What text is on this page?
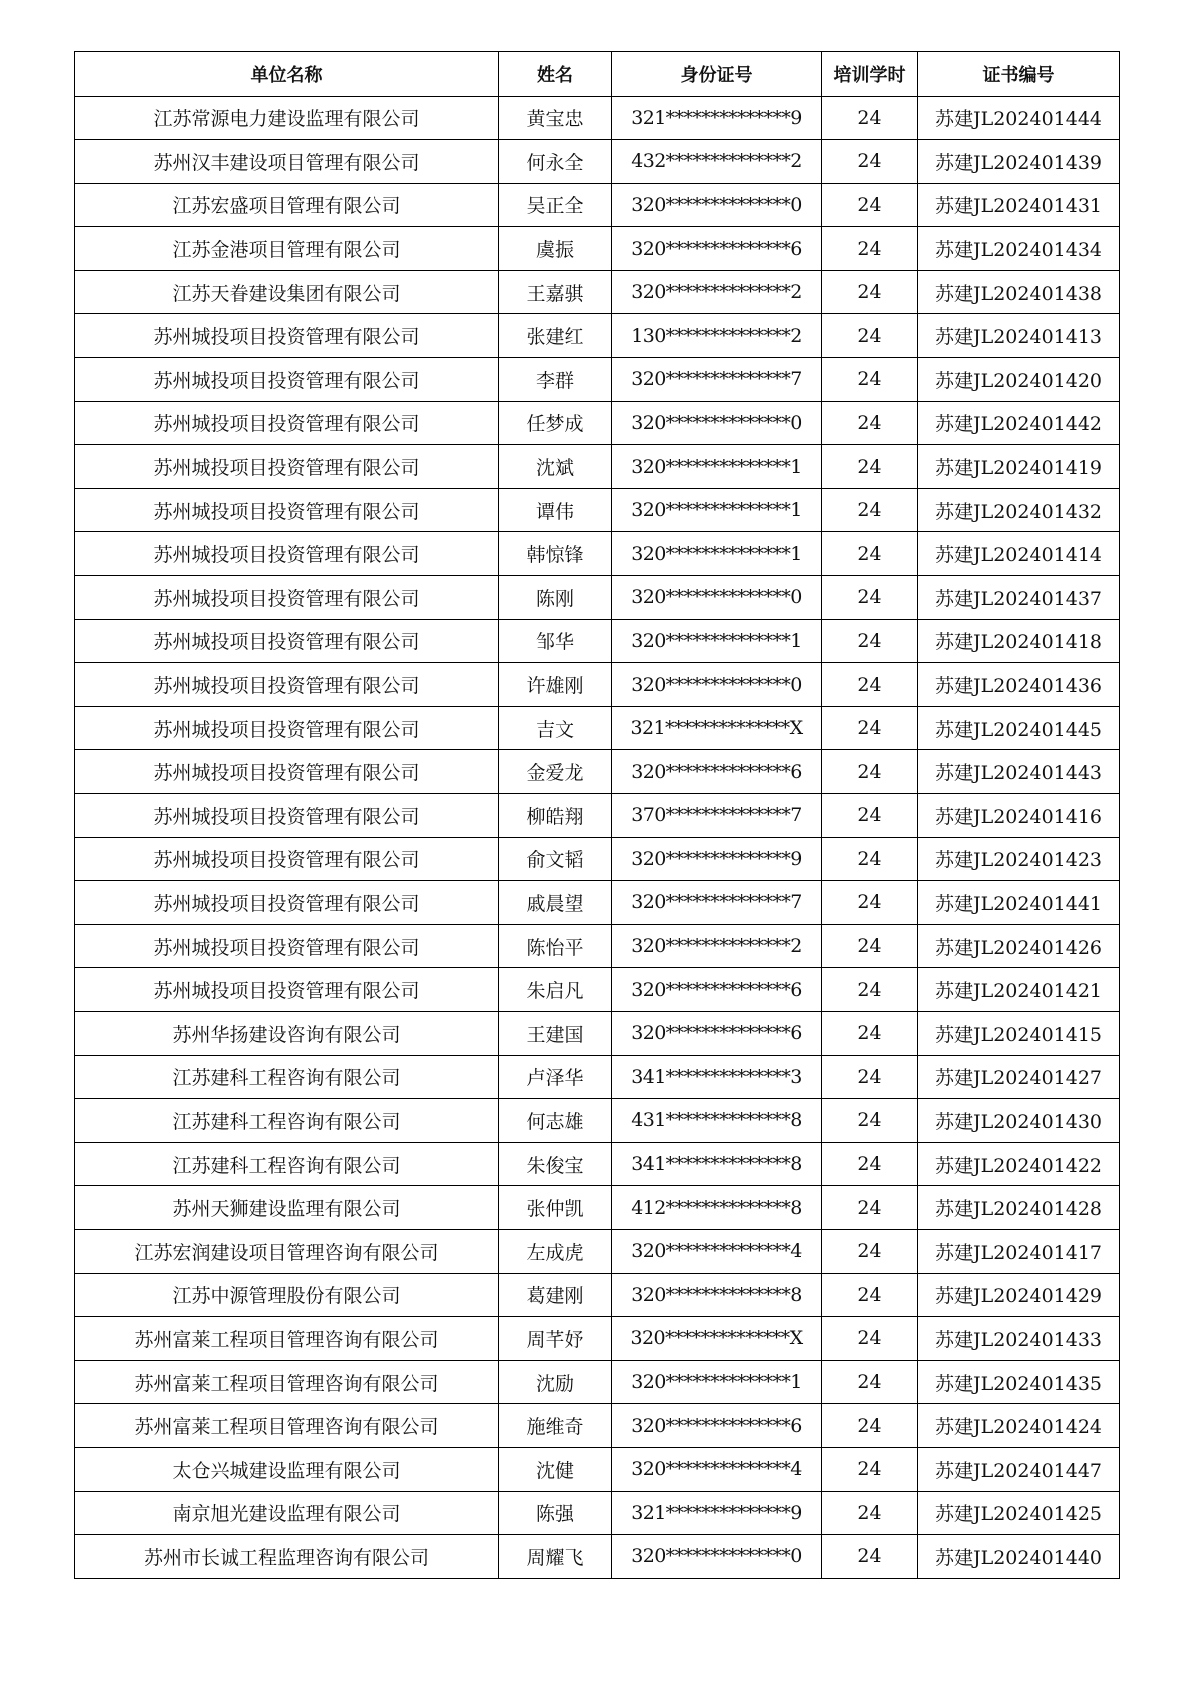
单位名称	姓名	身份证号	培训学时	证书编号
江苏常源电力建设监理有限公司	黄宝忠	321**************9	24	苏建JL202401444
苏州汉丰建设项目管理有限公司	何永全	432**************2	24	苏建JL202401439
江苏宏盛项目管理有限公司	吴正全	320**************0	24	苏建JL202401431
江苏金港项目管理有限公司	虞振	320**************6	24	苏建JL202401434
江苏天眷建设集团有限公司	王嘉骐	320**************2	24	苏建JL202401438
苏州城投项目投资管理有限公司	张建红	130**************2	24	苏建JL202401413
苏州城投项目投资管理有限公司	李群	320**************7	24	苏建JL202401420
苏州城投项目投资管理有限公司	任梦成	320**************0	24	苏建JL202401442
苏州城投项目投资管理有限公司	沈斌	320**************1	24	苏建JL202401419
苏州城投项目投资管理有限公司	谭伟	320**************1	24	苏建JL202401432
苏州城投项目投资管理有限公司	韩惊锋	320**************1	24	苏建JL202401414
苏州城投项目投资管理有限公司	陈刚	320**************0	24	苏建JL202401437
苏州城投项目投资管理有限公司	邹华	320**************1	24	苏建JL202401418
苏州城投项目投资管理有限公司	许雄刚	320**************0	24	苏建JL202401436
苏州城投项目投资管理有限公司	吉文	321**************X	24	苏建JL202401445
苏州城投项目投资管理有限公司	金爱龙	320**************6	24	苏建JL202401443
苏州城投项目投资管理有限公司	柳皓翔	370**************7	24	苏建JL202401416
苏州城投项目投资管理有限公司	俞文韬	320**************9	24	苏建JL202401423
苏州城投项目投资管理有限公司	戚晨望	320**************7	24	苏建JL202401441
苏州城投项目投资管理有限公司	陈怡平	320**************2	24	苏建JL202401426
苏州城投项目投资管理有限公司	朱启凡	320**************6	24	苏建JL202401421
苏州华扬建设咨询有限公司	王建国	320**************6	24	苏建JL202401415
江苏建科工程咨询有限公司	卢泽华	341**************3	24	苏建JL202401427
江苏建科工程咨询有限公司	何志雄	431**************8	24	苏建JL202401430
江苏建科工程咨询有限公司	朱俊宝	341**************8	24	苏建JL202401422
苏州天狮建设监理有限公司	张仲凯	412**************8	24	苏建JL202401428
江苏宏润建设项目管理咨询有限公司	左成虎	320**************4	24	苏建JL202401417
江苏中源管理股份有限公司	葛建刚	320**************8	24	苏建JL202401429
苏州富莱工程项目管理咨询有限公司	周芊妤	320**************X	24	苏建JL202401433
苏州富莱工程项目管理咨询有限公司	沈励	320**************1	24	苏建JL202401435
苏州富莱工程项目管理咨询有限公司	施维奇	320**************6	24	苏建JL202401424
太仓兴城建设监理有限公司	沈健	320**************4	24	苏建JL202401447
南京旭光建设监理有限公司	陈强	321**************9	24	苏建JL202401425
苏州市长诚工程监理咨询有限公司	周耀飞	320**************0	24	苏建JL202401440
